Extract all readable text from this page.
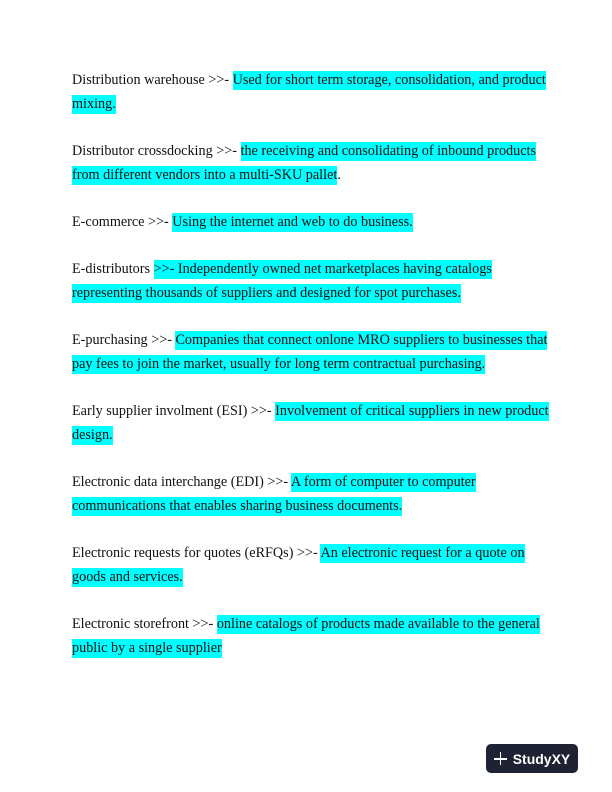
Distribution warehouse >>- Used for short term storage, consolidation, and product mixing.

Distributor crossdocking >>- the receiving and consolidating of inbound products from different vendors into a multi-SKU pallet.

E-commerce >>- Using the internet and web to do business.

E-distributors >>- Independently owned net marketplaces having catalogs representing thousands of suppliers and designed for spot purchases.

E-purchasing >>- Companies that connect onlone MRO suppliers to businesses that pay fees to join the market, usually for long term contractual purchasing.

Early supplier involment (ESI) >>- Involvement of critical suppliers in new product design.

Electronic data interchange (EDI) >>- A form of computer to computer communications that enables sharing business documents.

Electronic requests for quotes (eRFQs) >>- An electronic request for a quote on goods and services.

Electronic storefront >>- online catalogs of products made available to the general public by a single supplier

StudyXY
